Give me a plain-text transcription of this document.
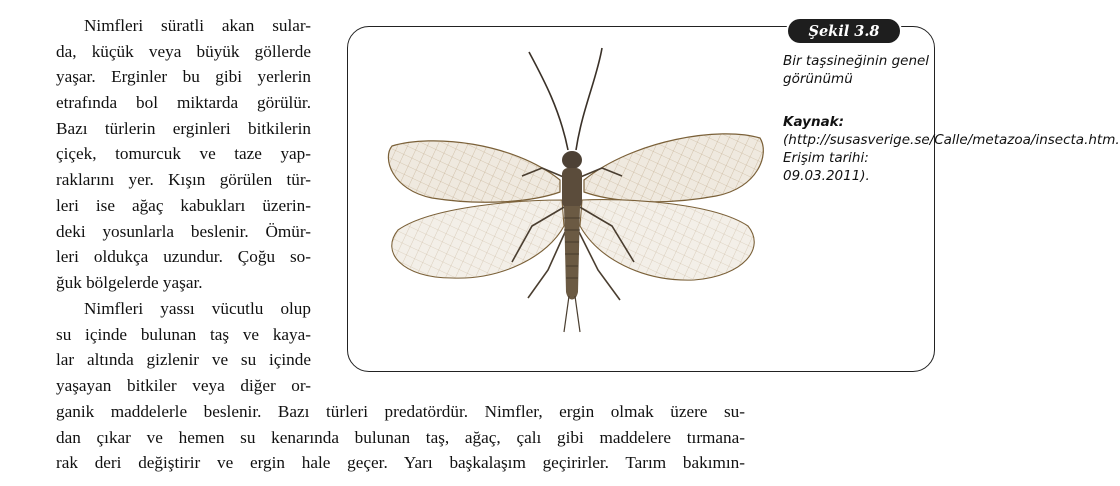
Nimfleri süratli akan sular-
da, küçük veya büyük göllerde
yaşar. Erginler bu gibi yerlerin
etrafında bol miktarda görülür.
Bazı türlerin erginleri bitkilerin
çiçek, tomurcuk ve taze yap-
raklarını yer. Kışın görülen tür-
leri ise ağaç kabukları üzerin-
deki yosunlarla beslenir. Ömür-
leri oldukça uzundur. Çoğu so-
ğuk bölgelerde yaşar.
Nimfleri yassı vücutlu olup
su içinde bulunan taş ve kaya-
lar altında gizlenir ve su içinde
yaşayan bitkiler veya diğer or-
ganik maddelerle beslenir. Bazı türleri predatördür. Nimfler, ergin olmak üzere su-
dan çıkar ve hemen su kenarında bulunan taş, ağaç, çalı gibi maddelere tırmana-
rak deri değiştirir ve ergin hale geçer. Yarı başkalaşım geçirirler. Tarım bakımın-
Şekil 3.8
Bir taşsineğinin genel görünümü
Kaynak:
(http://susasverige.se/Calle/metazoa/insecta.htm. Erişim tarihi: 09.03.2011).
